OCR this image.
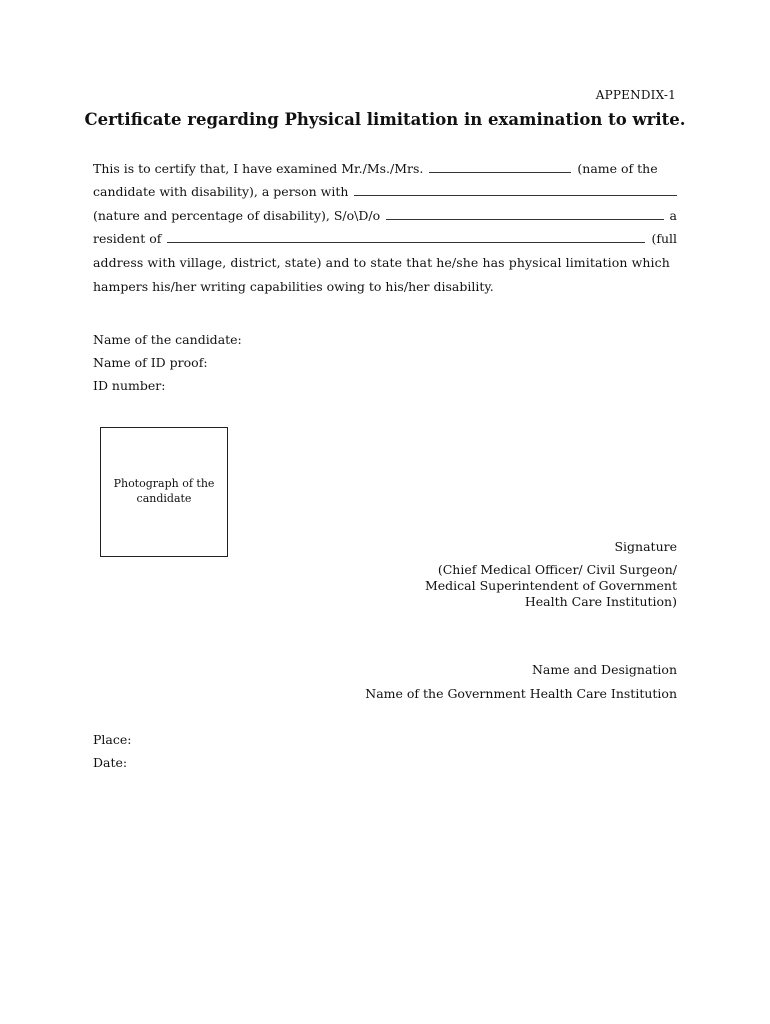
APPENDIX-1
Certificate regarding Physical limitation in examination to write.
This is to certify that, I have examined Mr./Ms./Mrs.	(name of the
candidate with disability), a person with
(nature and percentage of disability), S/o\D/o	a
resident of	(full
address with village, district, state) and to state that he/she has physical limitation which
hampers his/her writing capabilities owing to his/her disability.
Name of the candidate:
Name of ID proof:
ID number:
Photograph of the
candidate
Signature
(Chief Medical Officer/ Civil Surgeon/
Medical Superintendent of Government
Health Care Institution)
Name and Designation
Name of the Government Health Care Institution
Place:
Date:
